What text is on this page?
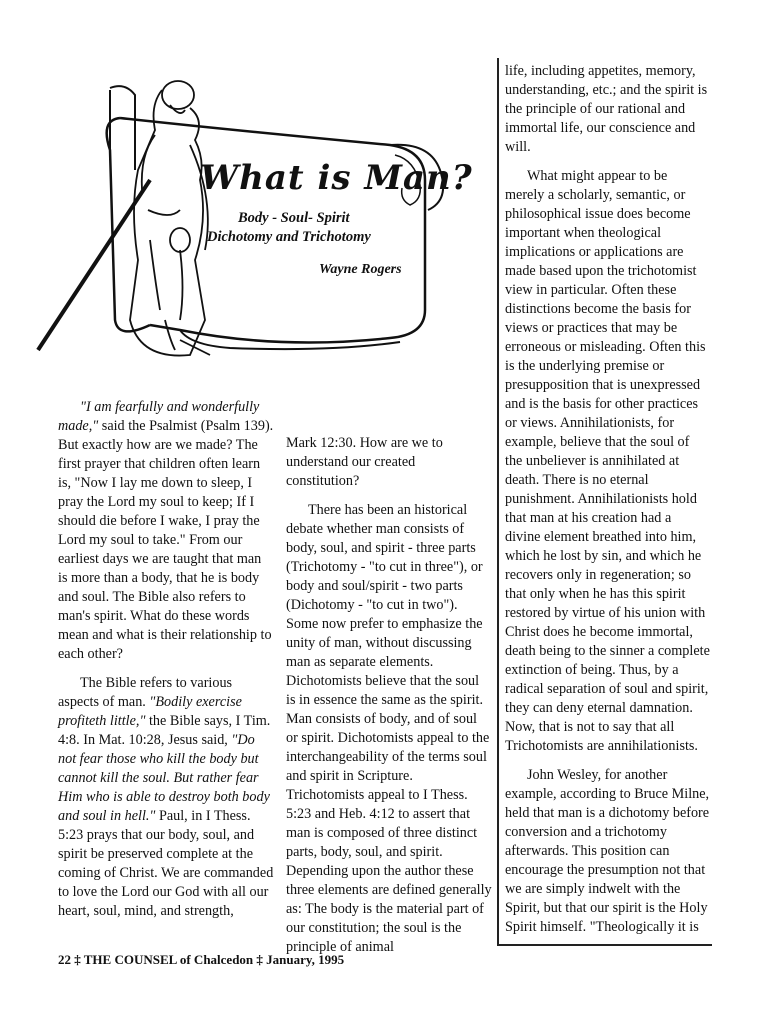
What is Man?
Body - Soul- Spirit
Dichotomy and Trichotomy
Wayne Rogers

"I am fearfully and wonderfully made," said the Psalmist (Psalm 139). But exactly how are we made? The first prayer that children often learn is, "Now I lay me down to sleep, I pray the Lord my soul to keep; If I should die before I wake, I pray the Lord my soul to take." From our earliest days we are taught that man is more than a body, that he is body and soul. The Bible also refers to man's spirit. What do these words mean and what is their relationship to each other?

The Bible refers to various aspects of man. "Bodily exercise profiteth little," the Bible says, I Tim. 4:8. In Mat. 10:28, Jesus said, "Do not fear those who kill the body but cannot kill the soul. But rather fear Him who is able to destroy both body and soul in hell." Paul, in I Thess. 5:23 prays that our body, soul, and spirit be preserved complete at the coming of Christ. We are commanded to love the Lord our God with all our heart, soul, mind, and strength,

Mark 12:30. How are we to understand our created constitution?

There has been an historical debate whether man consists of body, soul, and spirit - three parts (Trichotomy - "to cut in three"), or body and soul/spirit - two parts (Dichotomy - "to cut in two"). Some now prefer to emphasize the unity of man, without discussing man as separate elements. Dichotomists believe that the soul is in essence the same as the spirit. Man consists of body, and of soul or spirit. Dichotomists appeal to the interchangeability of the terms soul and spirit in Scripture. Trichotomists appeal to I Thess. 5:23 and Heb. 4:12 to assert that man is composed of three distinct parts, body, soul, and spirit. Depending upon the author these three elements are defined generally as: The body is the material part of our constitution; the soul is the principle of animal

life, including appetites, memory, understanding, etc.; and the spirit is the principle of our rational and immortal life, our conscience and will.

What might appear to be merely a scholarly, semantic, or philosophical issue does become important when theological implications or applications are made based upon the trichotomist view in particular. Often these distinctions become the basis for views or practices that may be erroneous or misleading. Often this is the underlying premise or presupposition that is unexpressed and is the basis for other practices or views. Annihilationists, for example, believe that the soul of the unbeliever is annihilated at death. There is no eternal punishment. Annihilationists hold that man at his creation had a divine element breathed into him, which he lost by sin, and which he recovers only in regeneration; so that only when he has this spirit restored by virtue of his union with Christ does he become immortal, death being to the sinner a complete extinction of being. Thus, by a radical separation of soul and spirit, they can deny eternal damnation. Now, that is not to say that all Trichotomists are annihilationists.

John Wesley, for another example, according to Bruce Milne, held that man is a dichotomy before conversion and a trichotomy afterwards. This position can encourage the presumption not that we are simply indwelt with the Spirit, but that our spirit is the Holy Spirit himself. "Theologically it is

22 ‡ THE COUNSEL of Chalcedon ‡ January, 1995
